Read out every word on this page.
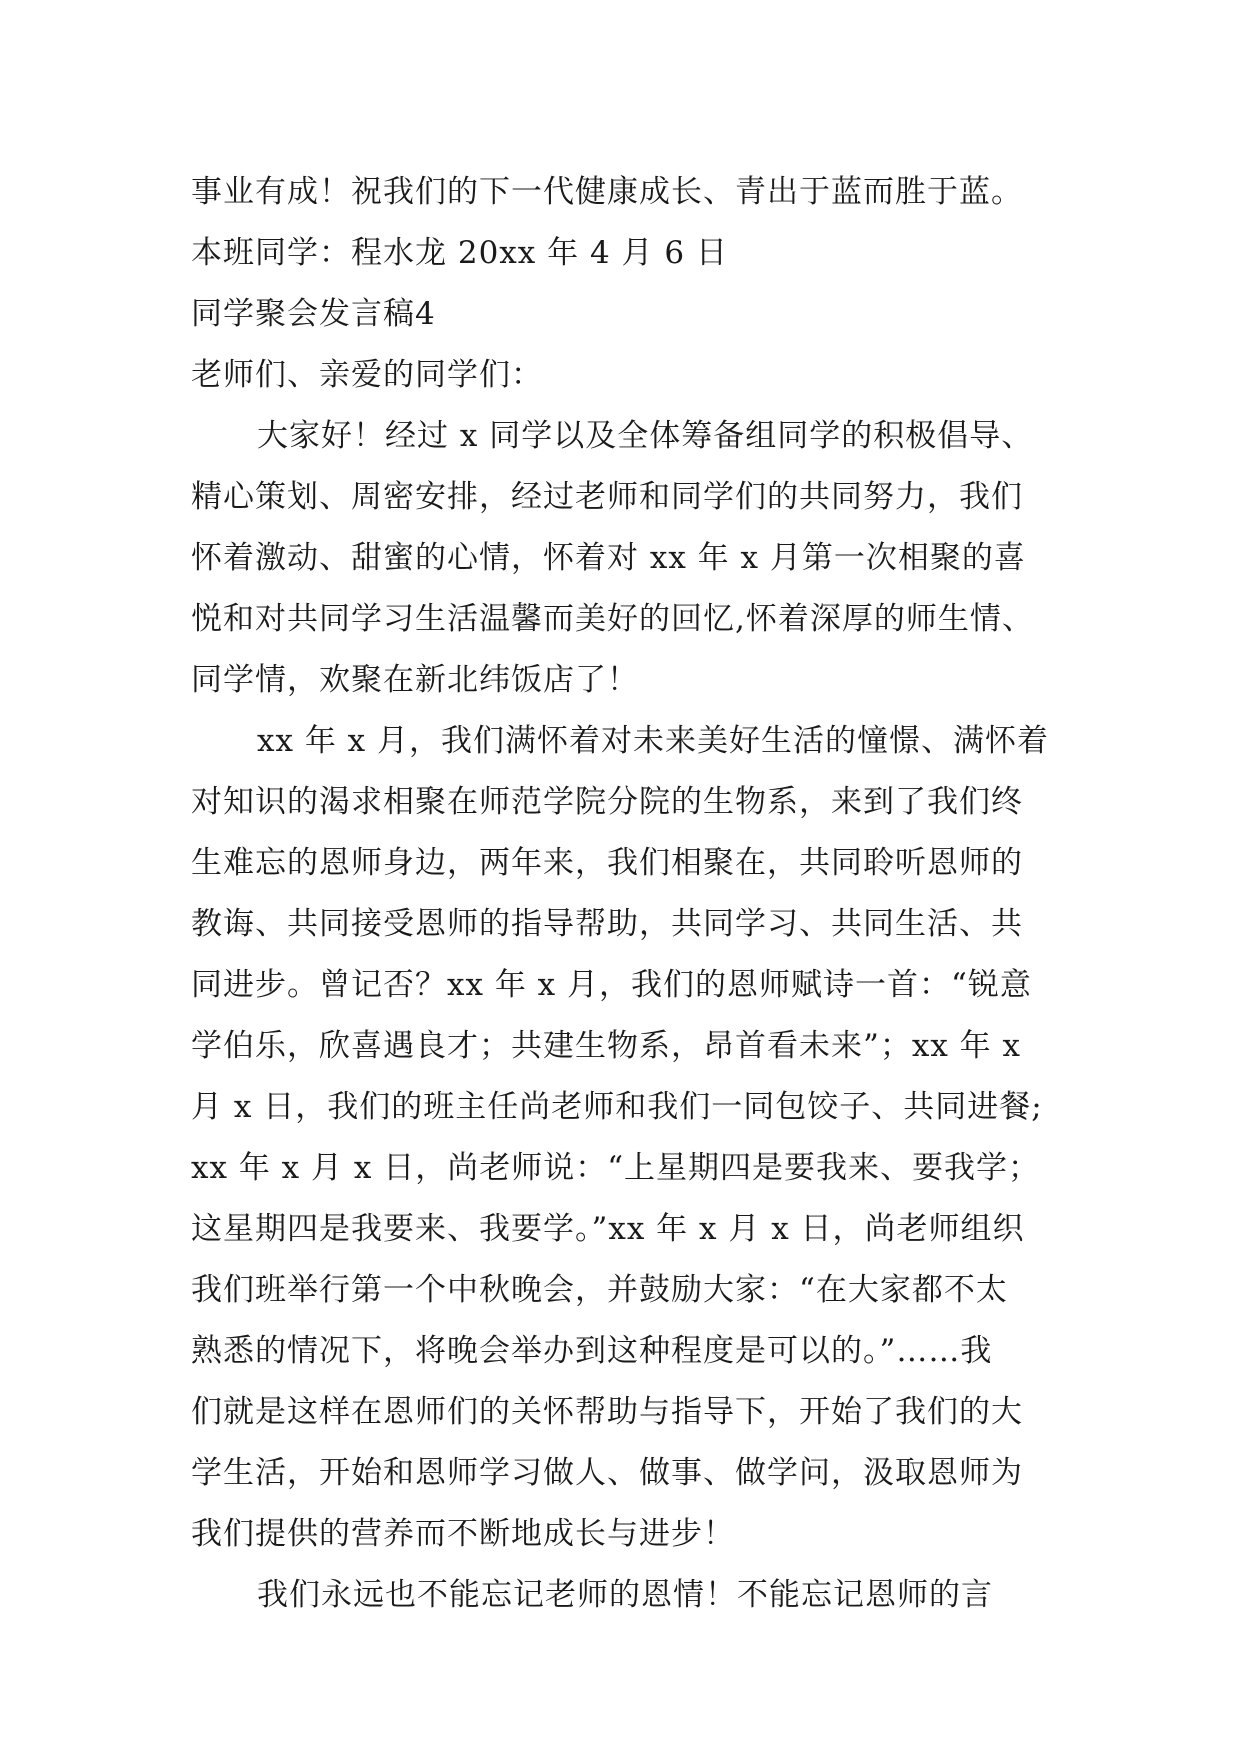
事业有成！祝我们的下一代健康成长、青出于蓝而胜于蓝。
本班同学：程水龙 20xx 年 4 月 6 日
同学聚会发言稿4
老师们、亲爱的同学们：
大家好！经过 x 同学以及全体筹备组同学的积极倡导、
精心策划、周密安排，经过老师和同学们的共同努力，我们
怀着激动、甜蜜的心情，怀着对 xx 年 x 月第一次相聚的喜
悦和对共同学习生活温馨而美好的回忆,怀着深厚的师生情、
同学情，欢聚在新北纬饭店了！
xx 年 x 月，我们满怀着对未来美好生活的憧憬、满怀着
对知识的渴求相聚在师范学院分院的生物系，来到了我们终
生难忘的恩师身边，两年来，我们相聚在，共同聆听恩师的
教诲、共同接受恩师的指导帮助，共同学习、共同生活、共
同进步。曾记否？xx 年 x 月，我们的恩师赋诗一首：“锐意
学伯乐，欣喜遇良才；共建生物系，昂首看未来”；xx 年 x
月 x 日，我们的班主任尚老师和我们一同包饺子、共同进餐;
xx 年 x 月 x 日，尚老师说：“上星期四是要我来、要我学；
这星期四是我要来、我要学。”xx 年 x 月 x 日，尚老师组织
我们班举行第一个中秋晚会，并鼓励大家：“在大家都不太
熟悉的情况下，将晚会举办到这种程度是可以的。”……我
们就是这样在恩师们的关怀帮助与指导下，开始了我们的大
学生活，开始和恩师学习做人、做事、做学问，汲取恩师为
我们提供的营养而不断地成长与进步！
我们永远也不能忘记老师的恩情！不能忘记恩师的言
